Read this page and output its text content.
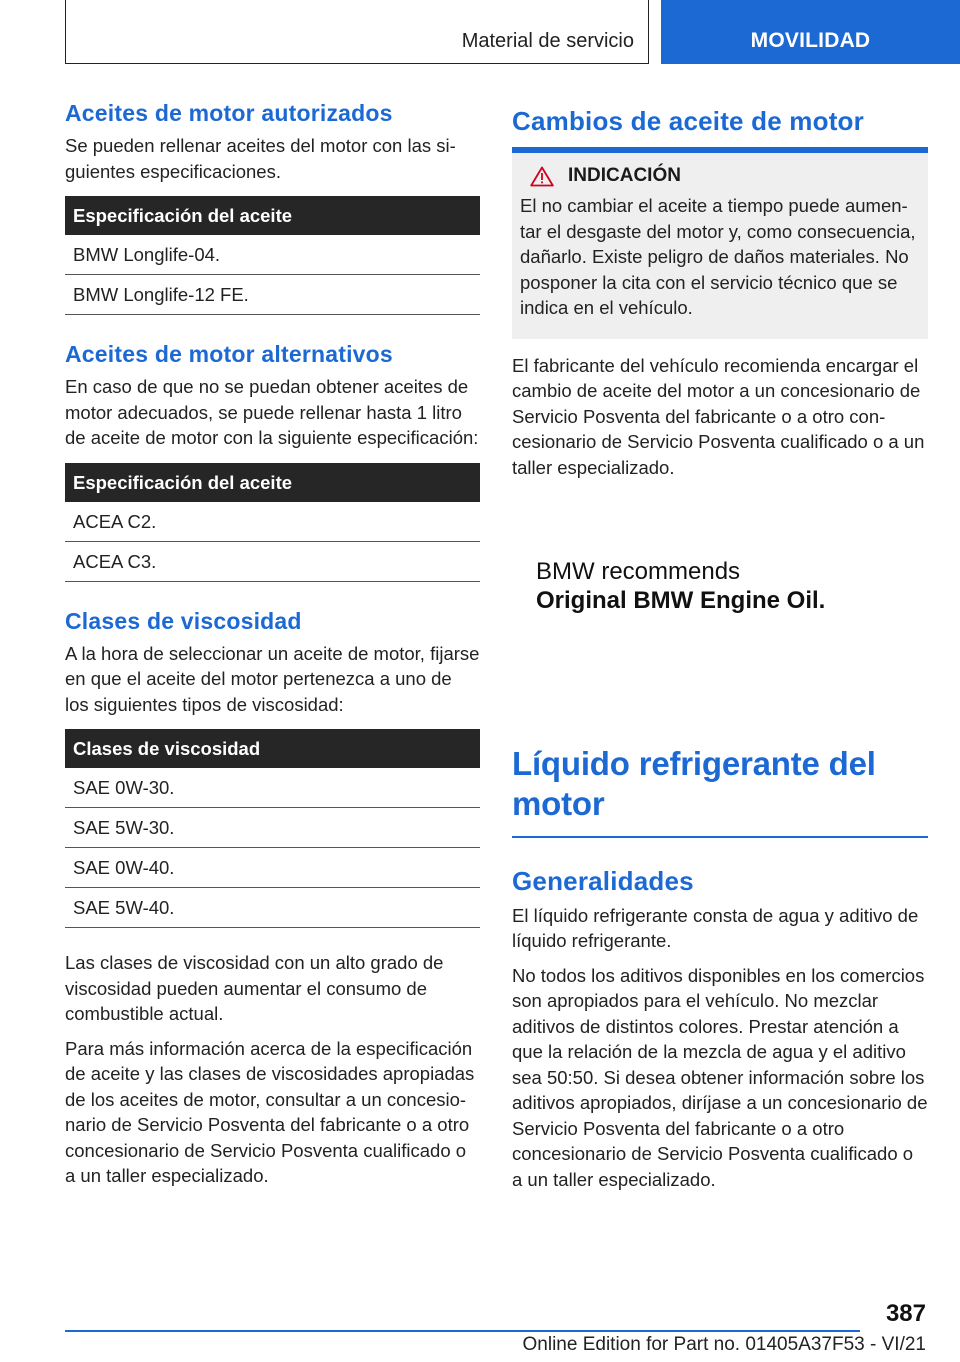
Material de servicio	MOVILIDAD
Aceites de motor autorizados

Se pueden rellenar aceites del motor con las siguientes especificaciones.

Especificación del aceite
BMW Longlife-04.
BMW Longlife-12 FE.
Aceites de motor alternativos

En caso de que no se puedan obtener aceites de motor adecuados, se puede rellenar hasta 1 litro de aceite de motor con la siguiente especificación:

Especificación del aceite
ACEA C2.
ACEA C3.
Clases de viscosidad

A la hora de seleccionar un aceite de motor, fijarse en que el aceite del motor pertenezca a uno de los siguientes tipos de viscosidad:

Clases de viscosidad
SAE 0W-30.
SAE 5W-30.
SAE 0W-40.
SAE 5W-40.

Las clases de viscosidad con un alto grado de viscosidad pueden aumentar el consumo de combustible actual.

Para más información acerca de la especificación de aceite y las clases de viscosidades apropiadas de los aceites de motor, consultar a un concesionario de Servicio Posventa del fabricante o a otro concesionario de Servicio Posventa cualificado o a un taller especializado.

Cambios de aceite de motor
INDICACIÓN

El no cambiar el aceite a tiempo puede aumentar el desgaste del motor y, como consecuencia, dañarlo. Existe peligro de daños materiales. No posponer la cita con el servicio técnico que se indica en el vehículo.

El fabricante del vehículo recomienda encargar el cambio de aceite del motor a un concesionario de Servicio Posventa del fabricante o a otro concesionario de Servicio Posventa cualificado o a un taller especializado.

BMW recommends
Original BMW Engine Oil.
Líquido refrigerante del motor
Generalidades

El líquido refrigerante consta de agua y aditivo de líquido refrigerante.

No todos los aditivos disponibles en los comercios son apropiados para el vehículo. No mezclar aditivos de distintos colores. Prestar atención a que la relación de la mezcla de agua y el aditivo sea 50:50. Si desea obtener información sobre los aditivos apropiados, diríjase a un concesionario de Servicio Posventa del fabricante o a otro concesionario de Servicio Posventa cualificado o a un taller especializado.

387
Online Edition for Part no. 01405A37F53 - VI/21
